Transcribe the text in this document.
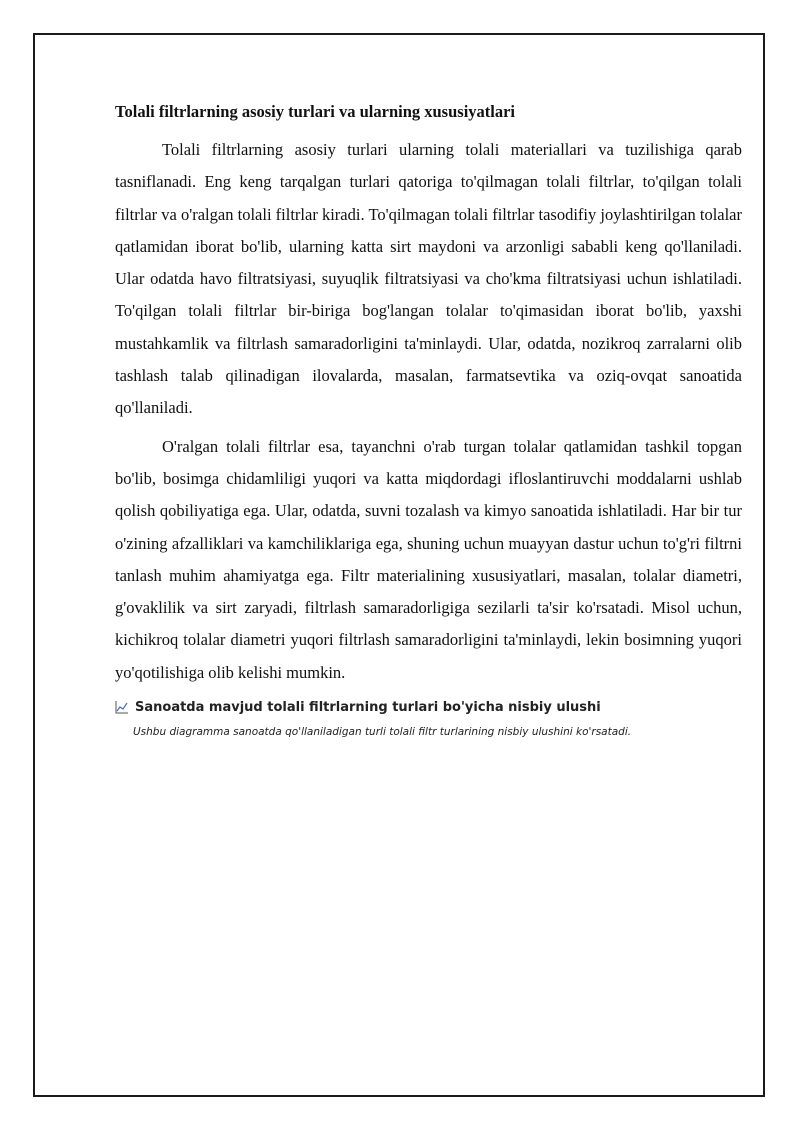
Tolali filtrlarning asosiy turlari va ularning xususiyatlari

Tolali filtrlarning asosiy turlari ularning tolali materiallari va tuzilishiga qarab tasniflanadi. Eng keng tarqalgan turlari qatoriga to'qilmagan tolali filtrlar, to'qilgan tolali filtrlar va o'ralgan tolali filtrlar kiradi. To'qilmagan tolali filtrlar tasodifiy joylashtirilgan tolalar qatlamidan iborat bo'lib, ularning katta sirt maydoni va arzonligi sababli keng qo'llaniladi. Ular odatda havo filtratsiyasi, suyuqlik filtratsiyasi va cho'kma filtratsiyasi uchun ishlatiladi. To'qilgan tolali filtrlar bir-biriga bog'langan tolalar to'qimasidan iborat bo'lib, yaxshi mustahkamlik va filtrlash samaradorligini ta'minlaydi. Ular, odatda, nozikroq zarralarni olib tashlash talab qilinadigan ilovalarda, masalan, farmatsevtika va oziq-ovqat sanoatida qo'llaniladi.

O'ralgan tolali filtrlar esa, tayanchni o'rab turgan tolalar qatlamidan tashkil topgan bo'lib, bosimga chidamliligi yuqori va katta miqdordagi ifloslantiruvchi moddalarni ushlab qolish qobiliyatiga ega. Ular, odatda, suvni tozalash va kimyo sanoatida ishlatiladi. Har bir tur o'zining afzalliklari va kamchiliklariga ega, shuning uchun muayyan dastur uchun to'g'ri filtrni tanlash muhim ahamiyatga ega. Filtr materialining xususiyatlari, masalan, tolalar diametri, g'ovaklilik va sirt zaryadi, filtrlash samaradorligiga sezilarli ta'sir ko'rsatadi. Misol uchun, kichikroq tolalar diametri yuqori filtrlash samaradorligini ta'minlaydi, lekin bosimning yuqori yo'qotilishiga olib kelishi mumkin.

Sanoatda mavjud tolali filtrlarning turlari bo'yicha nisbiy ulushi
Ushbu diagramma sanoatda qo'llaniladigan turli tolali filtr turlarining nisbiy ulushini ko'rsatadi.
